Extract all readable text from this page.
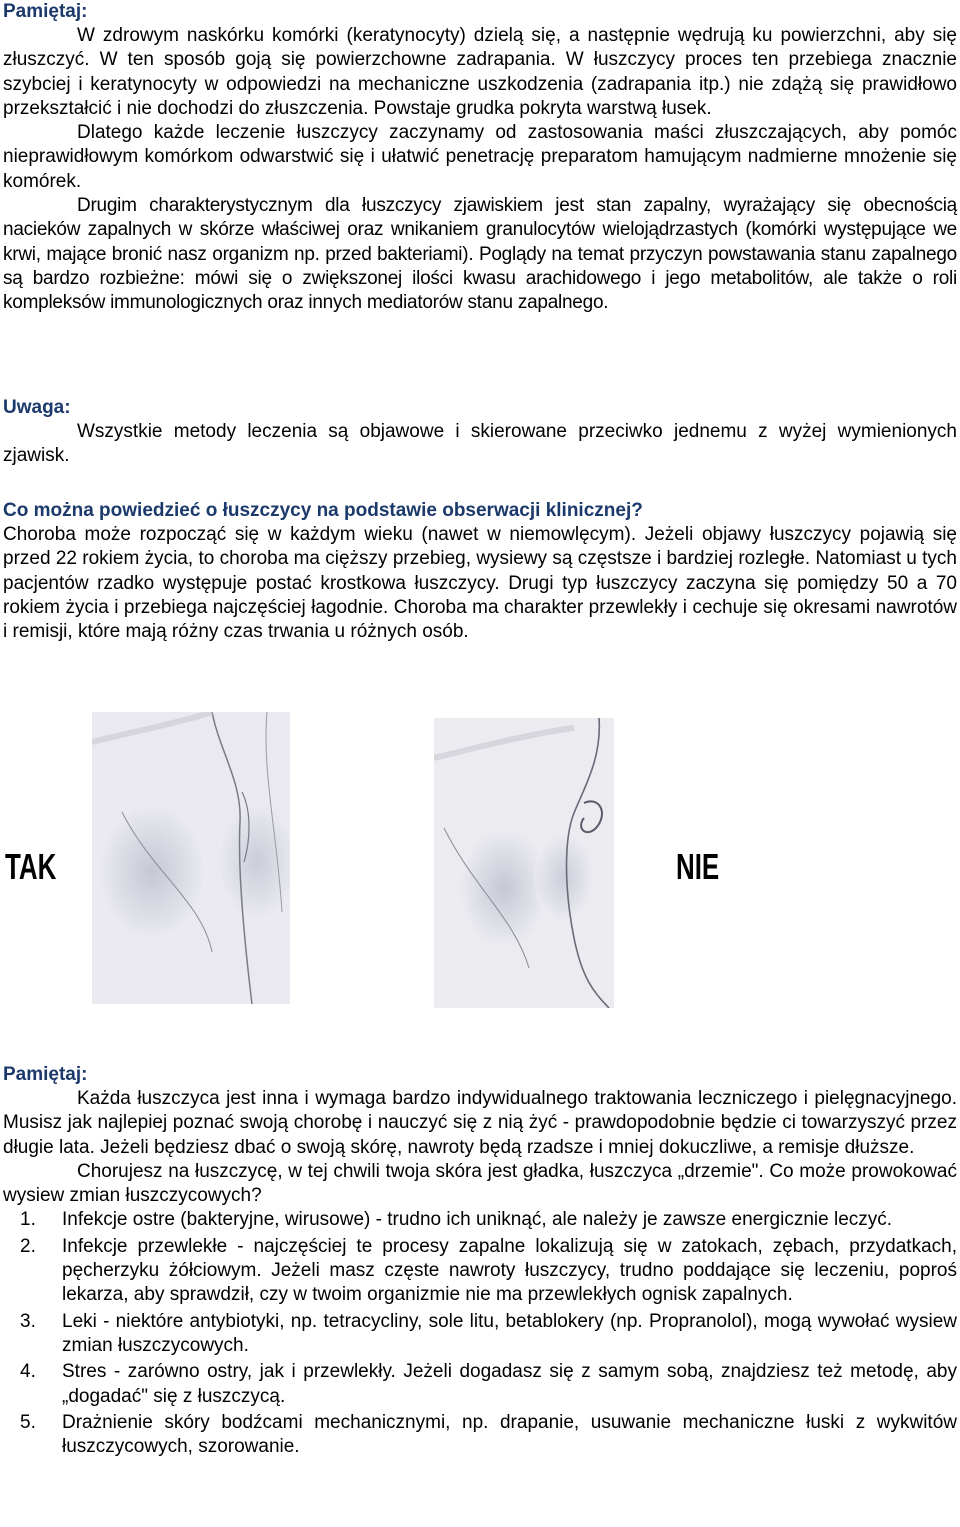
Pamiętaj:

W zdrowym naskórku komórki (keratynocyty) dzielą się, a następnie wędrują ku powierzchni, aby się złuszczyć. W ten sposób goją się powierzchowne zadrapania. W łuszczycy proces ten przebiega znacznie szybciej i keratynocyty w odpowiedzi na mechaniczne uszkodzenia (zadrapania itp.) nie zdążą się prawidłowo przekształcić i nie dochodzi do złuszczenia. Powstaje grudka pokryta warstwą łusek.

Dlatego każde leczenie łuszczycy zaczynamy od zastosowania maści złuszczających, aby pomóc nieprawidłowym komórkom odwarstwić się i ułatwić penetrację preparatom hamującym nadmierne mnożenie się komórek.

Drugim charakterystycznym dla łuszczycy zjawiskiem jest stan zapalny, wyrażający się obecnością nacieków zapalnych w skórze właściwej oraz wnikaniem granulocytów wielojądrzastych (komórki występujące we krwi, mające bronić nasz organizm np. przed bakteriami). Poglądy na temat przyczyn powstawania stanu zapalnego są bardzo rozbieżne: mówi się o zwiększonej ilości kwasu arachidowego i jego metabolitów, ale także o roli kompleksów immunologicznych oraz innych mediatorów stanu zapalnego.

Uwaga:

Wszystkie metody leczenia są objawowe i skierowane przeciwko jednemu z wyżej wymienionych zjawisk.

Co można powiedzieć o łuszczycy na podstawie obserwacji klinicznej?

Choroba może rozpocząć się w każdym wieku (nawet w niemowlęcym). Jeżeli objawy łuszczycy pojawią się przed 22 rokiem życia, to choroba ma cięższy przebieg, wysiewy są częstsze i bardziej rozległe. Natomiast u tych pacjentów rzadko występuje postać krostkowa łuszczycy. Drugi typ łuszczycy zaczyna się pomiędzy 50 a 70 rokiem życia i przebiega najczęściej łagodnie. Choroba ma charakter przewlekły i cechuje się okresami nawrotów i remisji, które mają różny czas trwania u różnych osób.

TAK	NIE
Pamiętaj:

Każda łuszczyca jest inna i wymaga bardzo indywidualnego traktowania leczniczego i pielęgnacyjnego. Musisz jak najlepiej poznać swoją chorobę i nauczyć się z nią żyć - prawdopodobnie będzie ci towarzyszyć przez długie lata. Jeżeli będziesz dbać o swoją skórę, nawroty będą rzadsze i mniej dokuczliwe, a remisje dłuższe.

Chorujesz na łuszczycę, w tej chwili twoja skóra jest gładka, łuszczyca „drzemie". Co może prowokować wysiew zmian łuszczycowych?

1. Infekcje ostre (bakteryjne, wirusowe) - trudno ich uniknąć, ale należy je zawsze energicznie leczyć.
2. Infekcje przewlekłe - najczęściej te procesy zapalne lokalizują się w zatokach, zębach, przydatkach, pęcherzyku żółciowym. Jeżeli masz częste nawroty łuszczycy, trudno poddające się leczeniu, poproś lekarza, aby sprawdził, czy w twoim organizmie nie ma przewlekłych ognisk zapalnych.
3. Leki - niektóre antybiotyki, np. tetracycliny, sole litu, betablokery (np. Propranolol), mogą wywołać wysiew zmian łuszczycowych.
4. Stres - zarówno ostry, jak i przewlekły. Jeżeli dogadasz się z samym sobą, znajdziesz też metodę, aby „dogadać" się z łuszczycą.
5. Drażnienie skóry bodźcami mechanicznymi, np. drapanie, usuwanie mechaniczne łuski z wykwitów łuszczycowych, szorowanie.
